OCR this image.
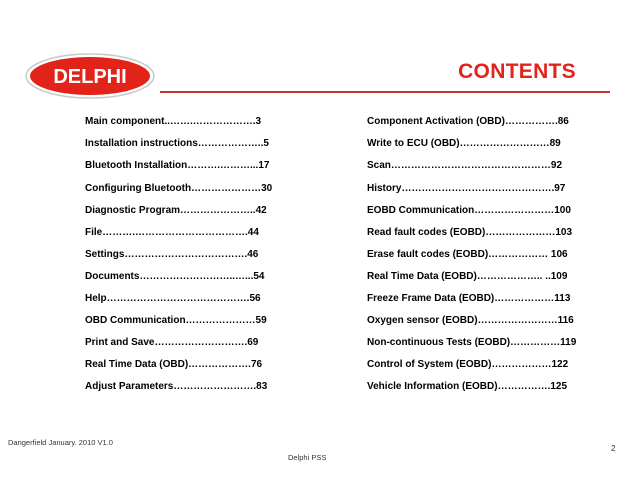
DELPHI	CONTENTS
Main component..…….……………….3
Installation instructions………………..5
Bluetooth Installation……….………...17
Configuring Bluetooth…………………30
Diagnostic Program…………………..42
File……….…………………………….44
Settings……………………………….46
Documents………………………..…...54
Help…………………………………….56
OBD Communication…………………59
Print and Save……………………….69
Real Time Data (OBD)……………….76
Adjust Parameters…………………….83
Component Activation (OBD)…………….86
Write to ECU (OBD)………………………89
Scan…………………………………………92
History……………………………………….97
EOBD Communication……………………100
Read fault codes (EOBD)…………………103
Erase fault codes (EOBD)……………… 106
Real Time Data (EOBD)……………….. ..109
Freeze Frame Data (EOBD)………………113
Oxygen sensor (EOBD)……………………116
Non-continuous Tests (EOBD)……………119
Control of System (EOBD)………………122
Vehicle Information (EOBD)…………….125
Dangerfield January. 2010 V1.0
Delphi PSS
2
